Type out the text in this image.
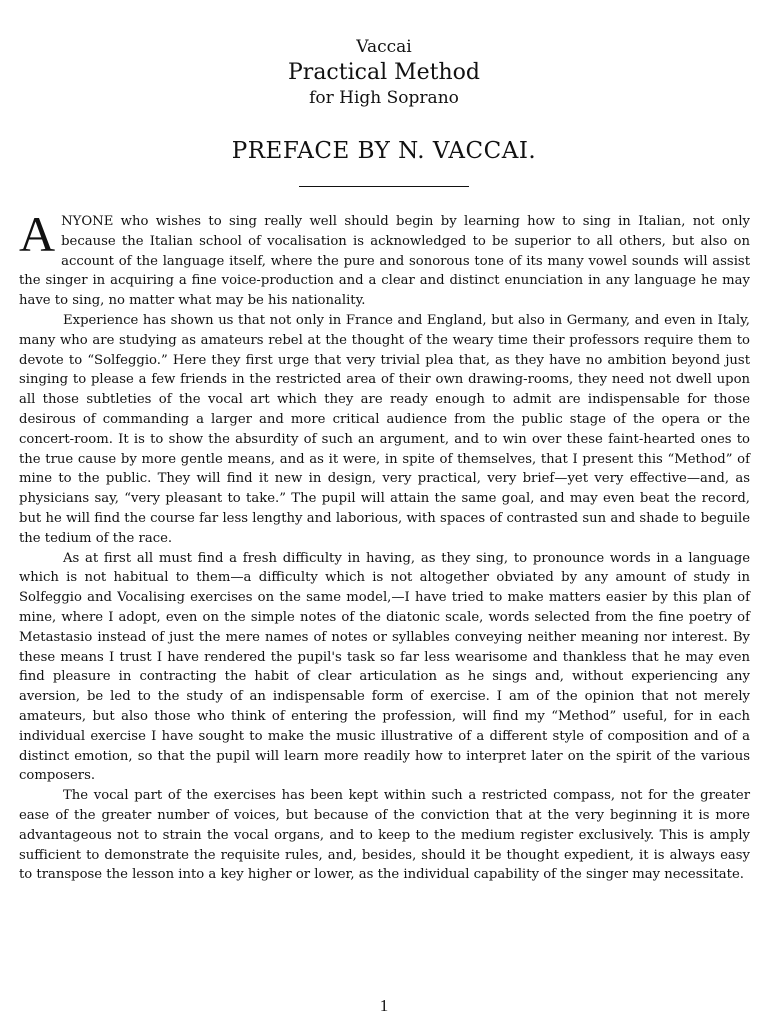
Vaccai
Practical Method
for High Soprano
PREFACE BY N. VACCAI.

ANYONE who wishes to sing really well should begin by learning how to sing in Italian, not only because the Italian school of vocalisation is acknowledged to be superior to all others, but also on account of the language itself, where the pure and sonorous tone of its many vowel sounds will assist the singer in acquiring a fine voice-production and a clear and distinct enunciation in any language he may have to sing, no matter what may be his nationality.

Experience has shown us that not only in France and England, but also in Germany, and even in Italy, many who are studying as amateurs rebel at the thought of the weary time their professors require them to devote to “Solfeggio.” Here they first urge that very trivial plea that, as they have no ambition beyond just singing to please a few friends in the restricted area of their own drawing-rooms, they need not dwell upon all those subtleties of the vocal art which they are ready enough to admit are indispensable for those desirous of commanding a larger and more critical audience from the public stage of the opera or the concert-room. It is to show the absurdity of such an argument, and to win over these faint-hearted ones to the true cause by more gentle means, and as it were, in spite of themselves, that I present this “Method” of mine to the public. They will find it new in design, very practical, very brief—yet very effective—and, as physicians say, “very pleasant to take.” The pupil will attain the same goal, and may even beat the record, but he will find the course far less lengthy and laborious, with spaces of contrasted sun and shade to beguile the tedium of the race.

As at first all must find a fresh difficulty in having, as they sing, to pronounce words in a language which is not habitual to them—a difficulty which is not altogether obviated by any amount of study in Solfeggio and Vocalising exercises on the same model,—I have tried to make matters easier by this plan of mine, where I adopt, even on the simple notes of the diatonic scale, words selected from the fine poetry of Metastasio instead of just the mere names of notes or syllables conveying neither meaning nor interest. By these means I trust I have rendered the pupil's task so far less wearisome and thankless that he may even find pleasure in contracting the habit of clear articulation as he sings and, without experiencing any aversion, be led to the study of an indispensable form of exercise. I am of the opinion that not merely amateurs, but also those who think of entering the profession, will find my “Method” useful, for in each individual exercise I have sought to make the music illustrative of a different style of composition and of a distinct emotion, so that the pupil will learn more readily how to interpret later on the spirit of the various composers.

The vocal part of the exercises has been kept within such a restricted compass, not for the greater ease of the greater number of voices, but because of the conviction that at the very beginning it is more advantageous not to strain the vocal organs, and to keep to the medium register exclusively. This is amply sufficient to demonstrate the requisite rules, and, besides, should it be thought expedient, it is always easy to transpose the lesson into a key higher or lower, as the individual capability of the singer may necessitate.

1
